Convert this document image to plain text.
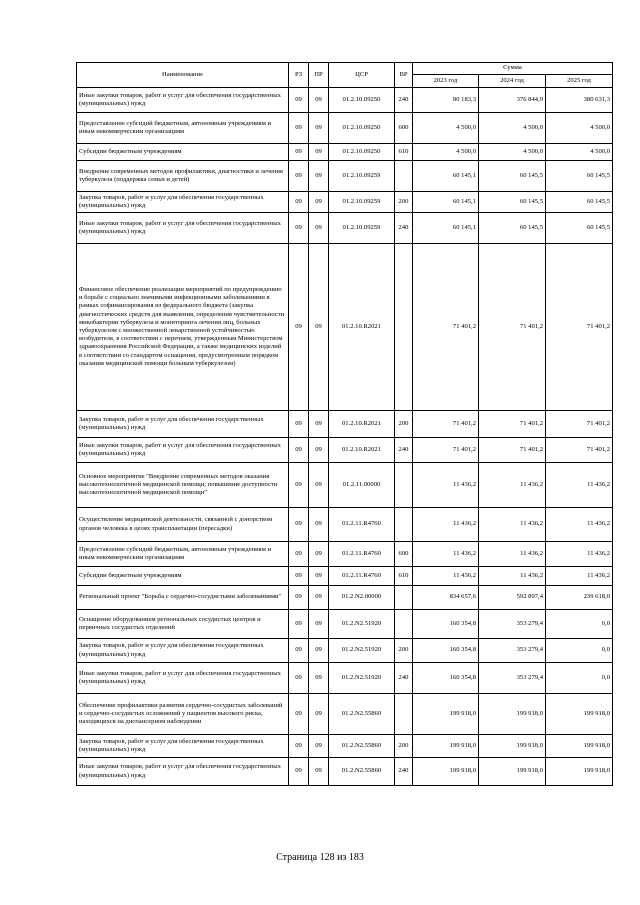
Наименование	РЗ	ПР	ЦСР	ВР	Сумма		
					2023 год	2024 год	2025 год
Иные закупки товаров, работ и услуг для обеспечения государственных (муниципальных) нужд	09	09	01.2.10.09250	240	80 183,3	376 844,9	380 631,3
Предоставление субсидий бюджетным, автономным учреждениям и иным некоммерческим организациям	09	09	01.2.10.09250	600	4 500,0	4 500,0	4 500,0
Субсидии бюджетным учреждениям	09	09	01.2.10.09250	610	4 500,0	4 500,0	4 500,0
Внедрение современных методов профилактики, диагностики и лечения туберкулеза (поддержка семьи и детей)	09	09	01.2.10.09259		60 145,1	60 145,5	60 145,5
Закупка товаров, работ и услуг для обеспечения государственных (муниципальных) нужд	09	09	01.2.10.09259	200	60 145,1	60 145,5	60 145,5
Иные закупки товаров, работ и услуг для обеспечения государственных (муниципальных) нужд	09	09	01.2.10.09259	240	60 145,1	60 145,5	60 145,5
Финансовое обеспечение реализации мероприятий по предупреждению и борьбе с социально значимыми инфекционными заболеваниями в рамках софинансирования из федерального бюджета (закупка диагностических средств для выявления, определения чувствительности микобактерии туберкулеза и мониторинга лечения лиц, больных туберкулезом с множественной лекарственной устойчивостью возбудителя, в соответствии с перечнем, утвержденным Министерством здравоохранения Российской Федерации, а также медицинских изделий в соответствии со стандартом оснащения, предусмотренным порядком оказания медицинской помощи больным туберкулезом)	09	09	01.2.10.R2021		71 401,2	71 401,2	71 401,2
Закупка товаров, работ и услуг для обеспечения государственных (муниципальных) нужд	09	09	01.2.10.R2021	200	71 401,2	71 401,2	71 401,2
Иные закупки товаров, работ и услуг для обеспечения государственных (муниципальных) нужд	09	09	01.2.10.R2021	240	71 401,2	71 401,2	71 401,2
Основное мероприятие "Внедрение современных методов оказания высокотехнологичной медицинской помощи; повышение доступности высокотехнологичной медицинской помощи"	09	09	01.2.11.00000		11 436,2	11 436,2	11 436,2
Осуществление медицинской деятельности, связанной с донорством органов человека в целях трансплантации (пересадки)	09	09	01.2.11.R4760		11 436,2	11 436,2	11 436,2
Предоставление субсидий бюджетным, автономным учреждениям и иным некоммерческим организациям	09	09	01.2.11.R4760	600	11 436,2	11 436,2	11 436,2
Субсидии бюджетным учреждениям	09	09	01.2.11.R4760	610	11 436,2	11 436,2	11 436,2
Региональный проект "Борьба с сердечно-сосудистыми заболеваниями"	09	09	01.2.N2.00000		834 657,6	592 897,4	239 618,0
Оснащение оборудованием региональных сосудистых центров и первичных сосудистых отделений	09	09	01.2.N2.51920		160 354,8	353 279,4	0,0
Закупка товаров, работ и услуг для обеспечения государственных (муниципальных) нужд	09	09	01.2.N2.51920	200	160 354,8	353 279,4	0,0
Иные закупки товаров, работ и услуг для обеспечения государственных (муниципальных) нужд	09	09	01.2.N2.51920	240	160 354,8	353 279,4	0,0
Обеспечение профилактики развития сердечно-сосудистых заболеваний и сердечно-сосудистых осложнений у пациентов высокого риска, находящихся на диспансерном наблюдении	09	09	01.2.N2.55860		199 918,0	199 918,0	199 918,0
Закупка товаров, работ и услуг для обеспечения государственных (муниципальных) нужд	09	09	01.2.N2.55860	200	199 918,0	199 918,0	199 918,0
Иные закупки товаров, работ и услуг для обеспечения государственных (муниципальных) нужд	09	09	01.2.N2.55860	240	199 918,0	199 918,0	199 918,0
Страница 128 из 183
